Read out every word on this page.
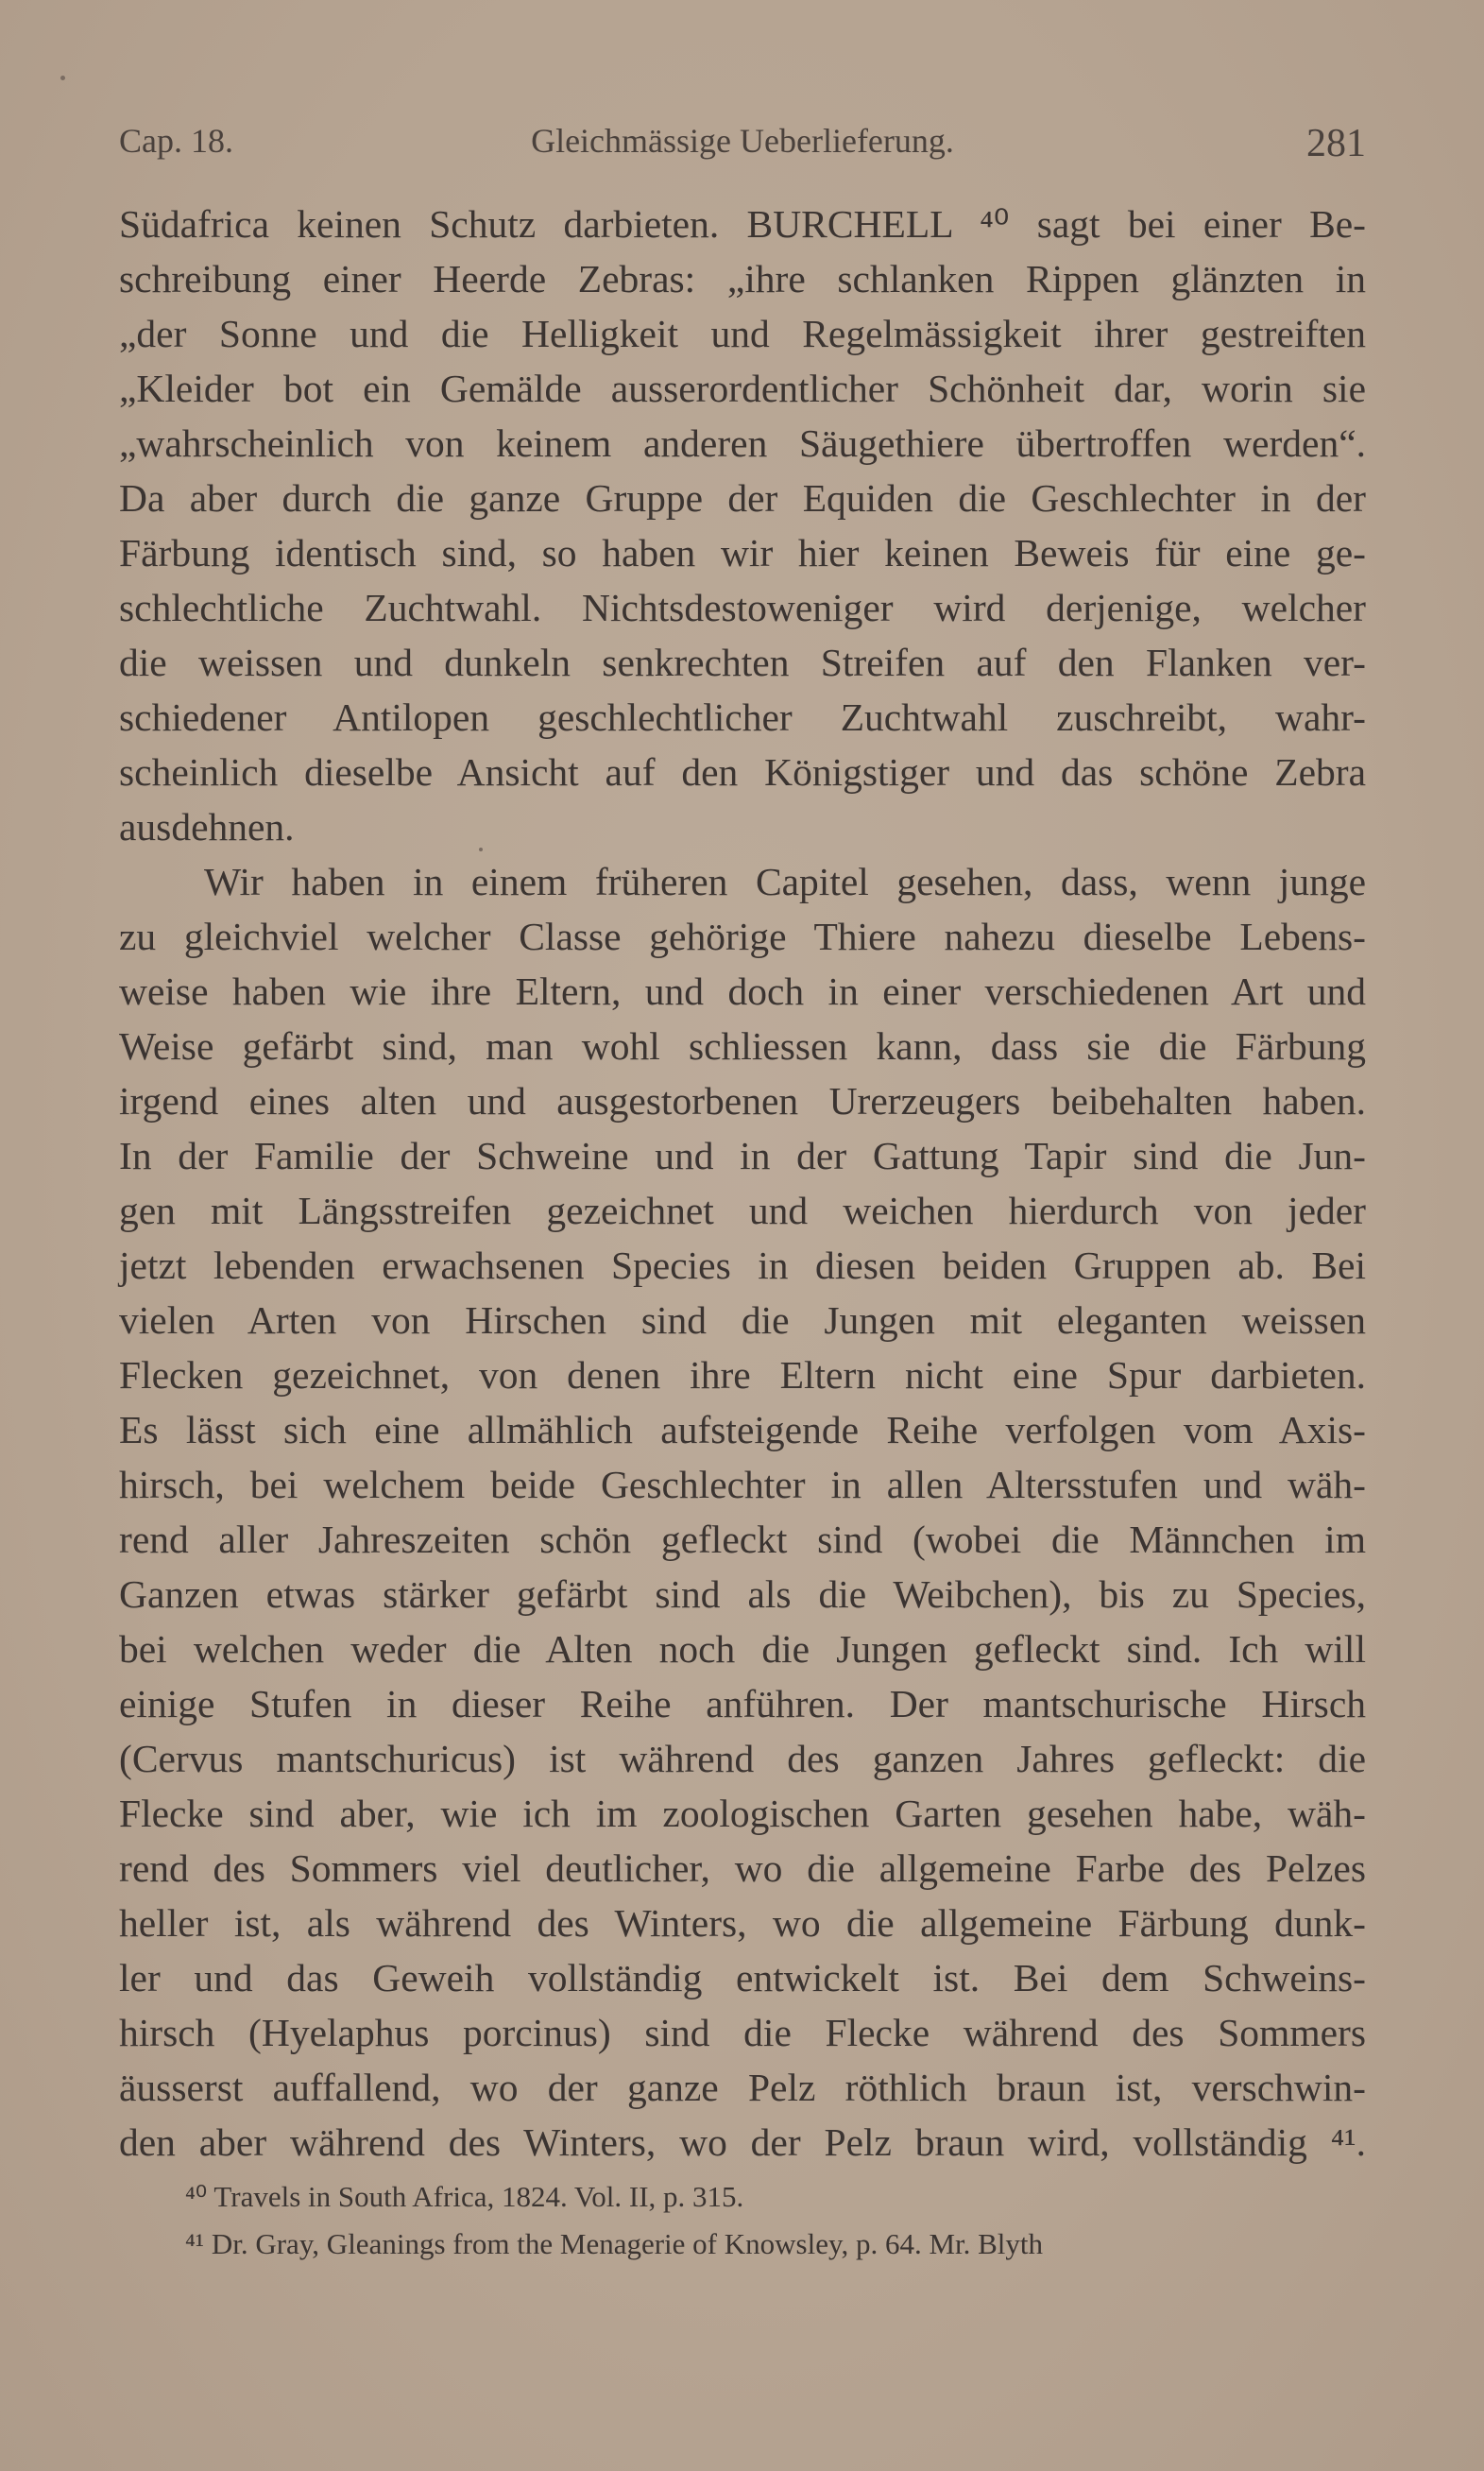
Cap. 18.	Gleichmässige Ueberlieferung.	281
Südafrica keinen Schutz darbieten. BURCHELL ⁴⁰ sagt bei einer Be-
schreibung einer Heerde Zebras: „ihre schlanken Rippen glänzten in
„der Sonne und die Helligkeit und Regelmässigkeit ihrer gestreiften
„Kleider bot ein Gemälde ausserordentlicher Schönheit dar, worin sie
„wahrscheinlich von keinem anderen Säugethiere übertroffen werden“.
Da aber durch die ganze Gruppe der Equiden die Geschlechter in der
Färbung identisch sind, so haben wir hier keinen Beweis für eine ge-
schlechtliche Zuchtwahl. Nichtsdestoweniger wird derjenige, welcher
die weissen und dunkeln senkrechten Streifen auf den Flanken ver-
schiedener Antilopen geschlechtlicher Zuchtwahl zuschreibt, wahr-
scheinlich dieselbe Ansicht auf den Königstiger und das schöne Zebra
ausdehnen.
Wir haben in einem früheren Capitel gesehen, dass, wenn junge
zu gleichviel welcher Classe gehörige Thiere nahezu dieselbe Lebens-
weise haben wie ihre Eltern, und doch in einer verschiedenen Art und
Weise gefärbt sind, man wohl schliessen kann, dass sie die Färbung
irgend eines alten und ausgestorbenen Urerzeugers beibehalten haben.
In der Familie der Schweine und in der Gattung Tapir sind die Jun-
gen mit Längsstreifen gezeichnet und weichen hierdurch von jeder
jetzt lebenden erwachsenen Species in diesen beiden Gruppen ab. Bei
vielen Arten von Hirschen sind die Jungen mit eleganten weissen
Flecken gezeichnet, von denen ihre Eltern nicht eine Spur darbieten.
Es lässt sich eine allmählich aufsteigende Reihe verfolgen vom Axis-
hirsch, bei welchem beide Geschlechter in allen Altersstufen und wäh-
rend aller Jahreszeiten schön gefleckt sind (wobei die Männchen im
Ganzen etwas stärker gefärbt sind als die Weibchen), bis zu Species,
bei welchen weder die Alten noch die Jungen gefleckt sind. Ich will
einige Stufen in dieser Reihe anführen. Der mantschurische Hirsch
(Cervus mantschuricus) ist während des ganzen Jahres gefleckt: die
Flecke sind aber, wie ich im zoologischen Garten gesehen habe, wäh-
rend des Sommers viel deutlicher, wo die allgemeine Farbe des Pelzes
heller ist, als während des Winters, wo die allgemeine Färbung dunk-
ler und das Geweih vollständig entwickelt ist. Bei dem Schweins-
hirsch (Hyelaphus porcinus) sind die Flecke während des Sommers
äusserst auffallend, wo der ganze Pelz röthlich braun ist, verschwin-
den aber während des Winters, wo der Pelz braun wird, vollständig ⁴¹.
⁴⁰ Travels in South Africa, 1824. Vol. II, p. 315.
⁴¹ Dr. Gray, Gleanings from the Menagerie of Knowsley, p. 64. Mr. Blyth
